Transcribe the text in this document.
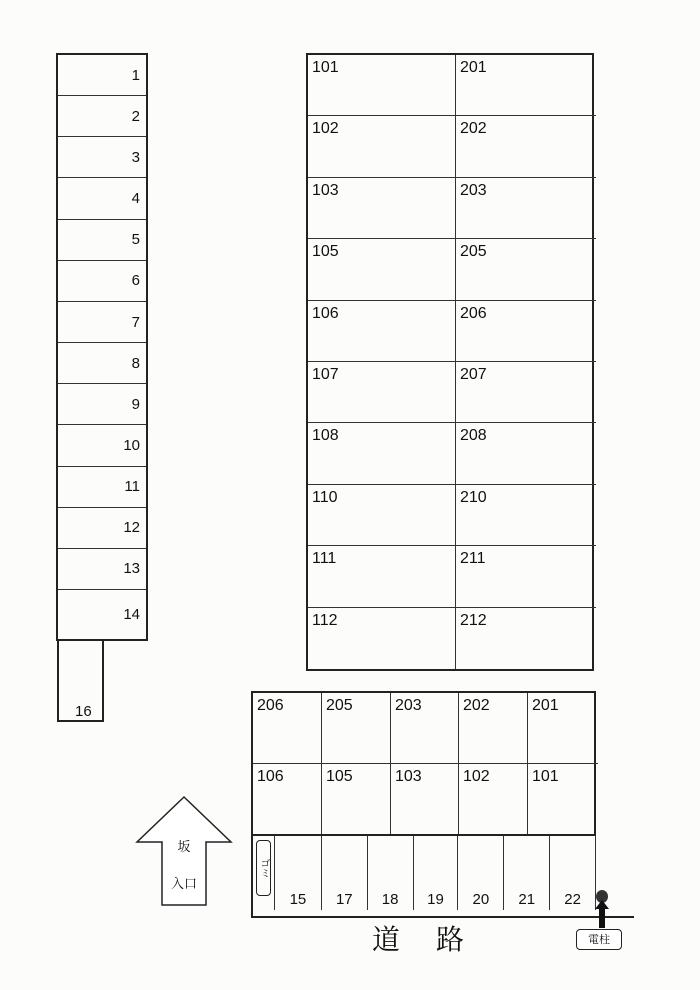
1
2
3
4
5
6
7
8
9
10
11
12
13
14
16
101	201
102	202
103	203
105	205
106	206
107	207
108	208
110	210
111	211
112	212
206	205	203	202	201
106	105	103	102	101
15	17	18	19	20	21	22
ゴミ
坂
入口
道　路	電柱
